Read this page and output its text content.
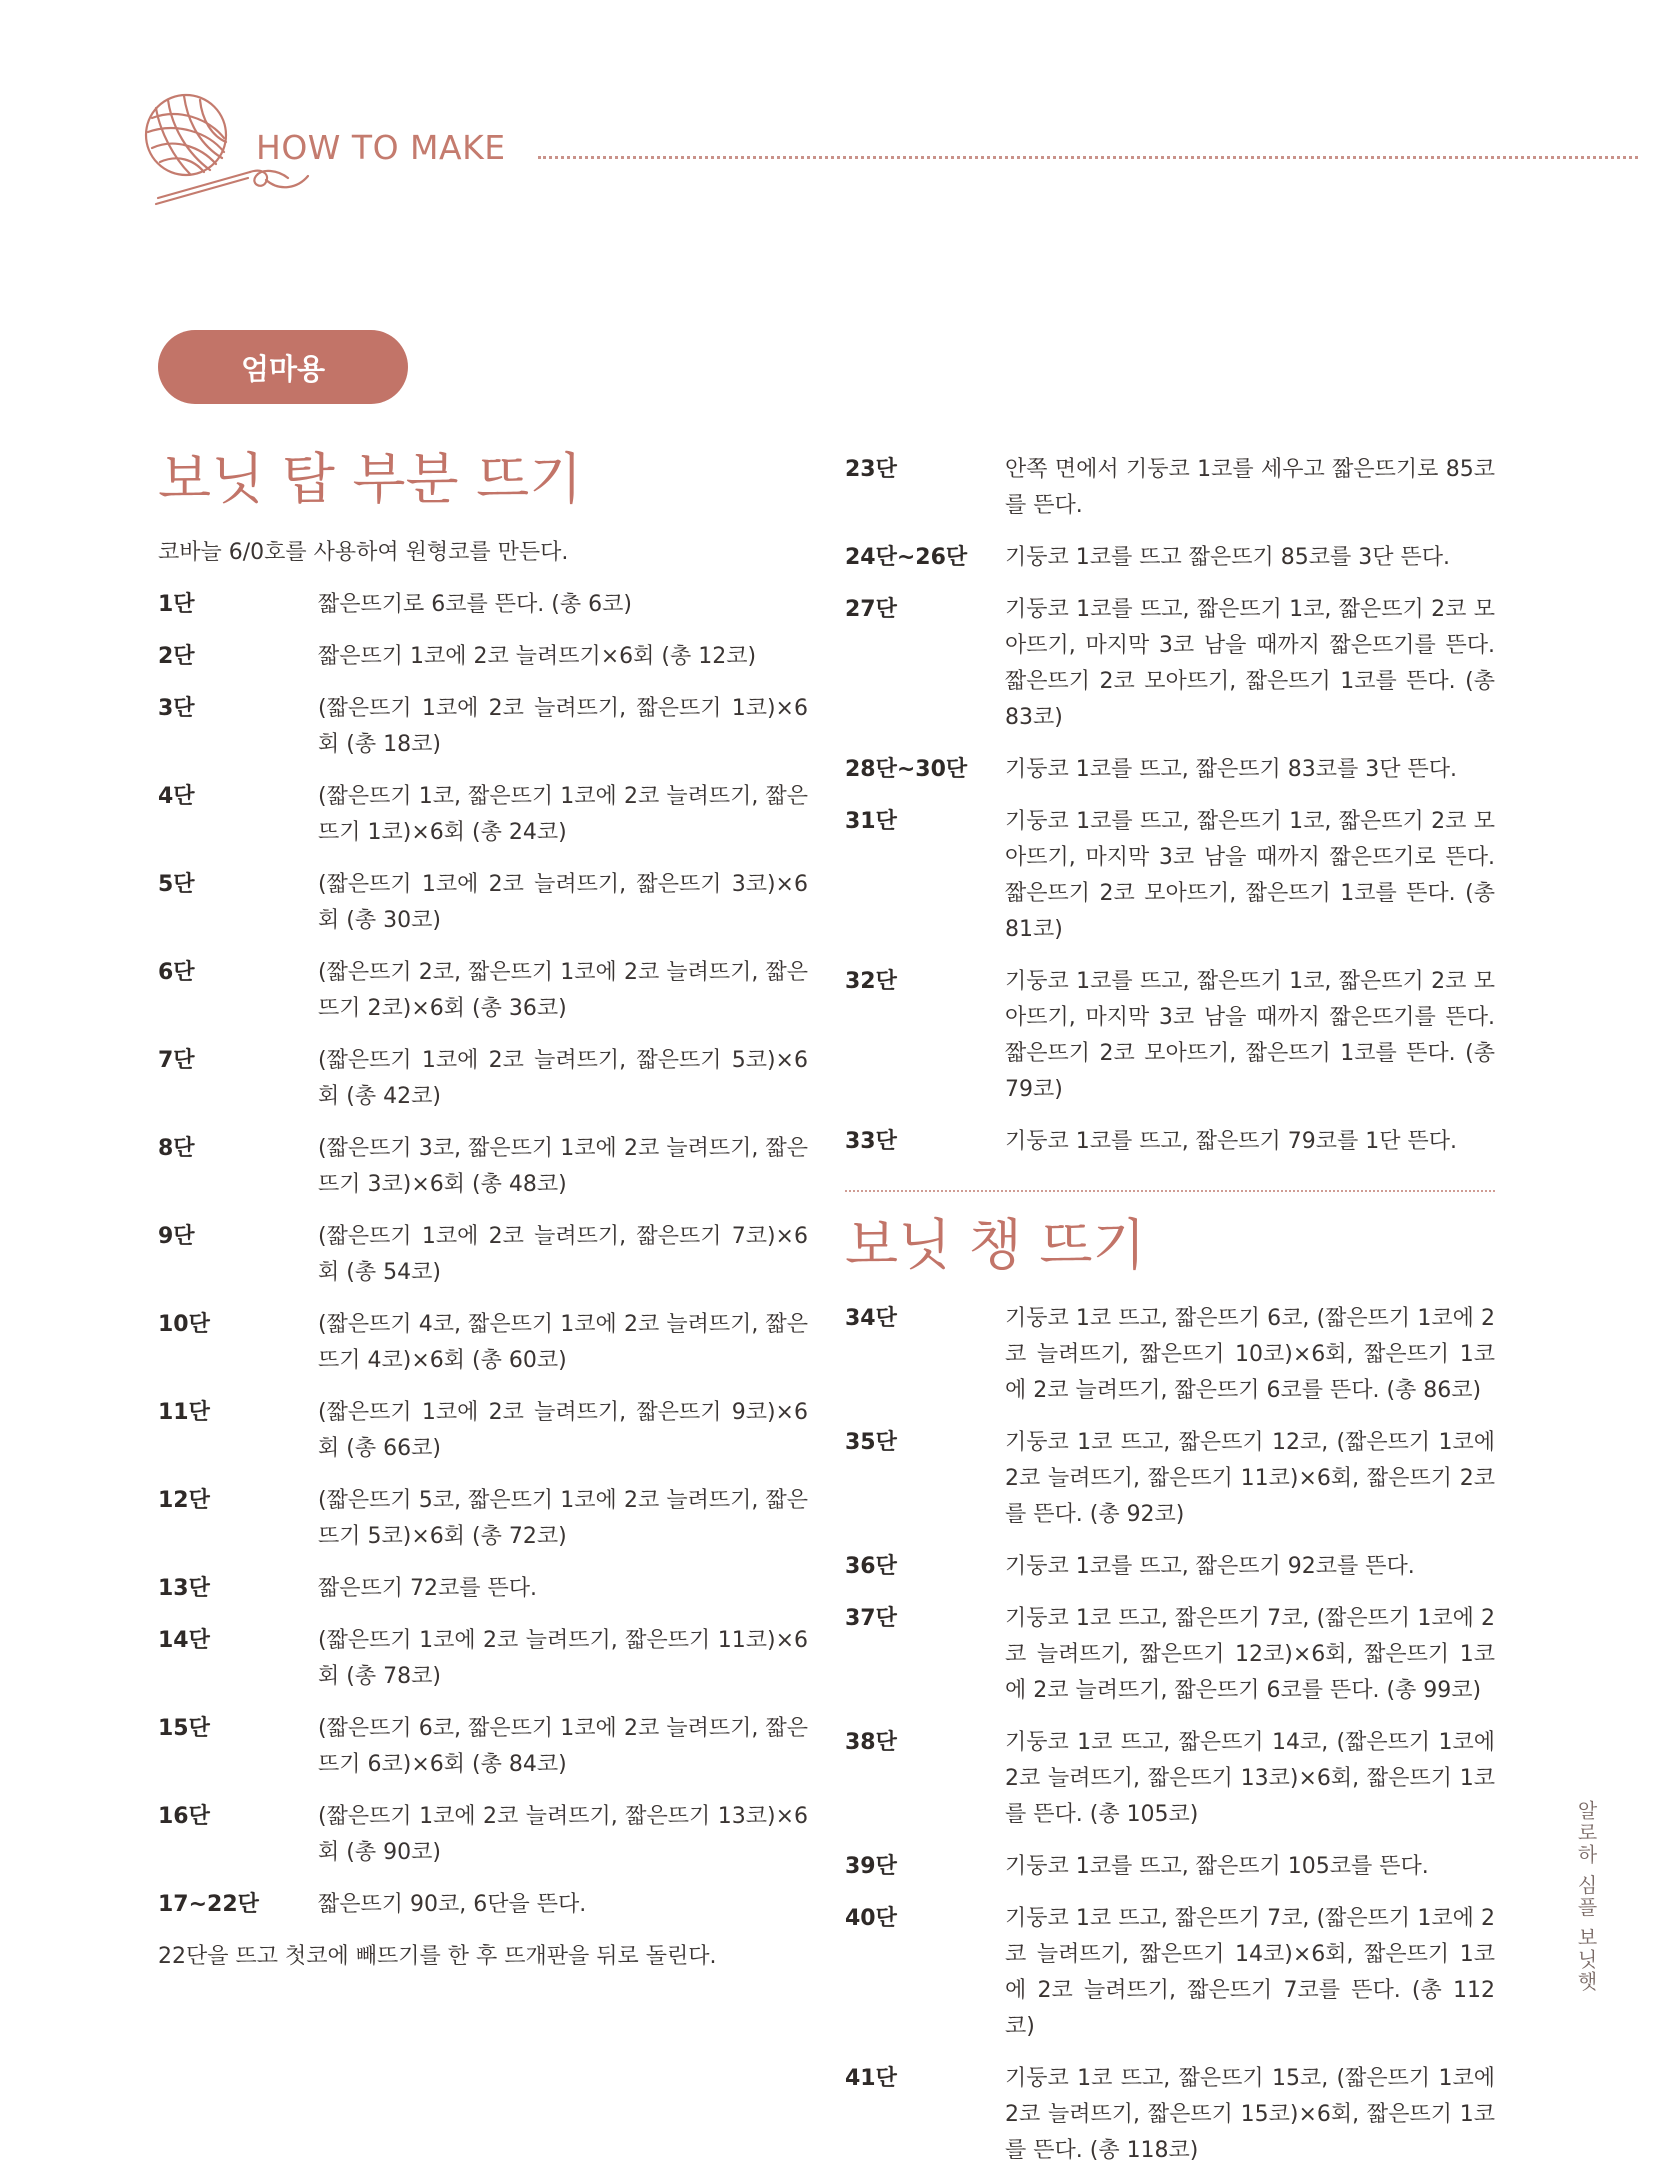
HOW TO MAKE
엄마용
보닛 탑 부분 뜨기

코바늘 6/0호를 사용하여 원형코를 만든다.

1단	짧은뜨기로 6코를 뜬다. (총 6코)
2단	짧은뜨기 1코에 2코 늘려뜨기×6회 (총 12코)
3단	(짧은뜨기 1코에 2코 늘려뜨기, 짧은뜨기 1코)×6회 (총 18코)
4단	(짧은뜨기 1코, 짧은뜨기 1코에 2코 늘려뜨기, 짧은뜨기 1코)×6회 (총 24코)
5단	(짧은뜨기 1코에 2코 늘려뜨기, 짧은뜨기 3코)×6회 (총 30코)
6단	(짧은뜨기 2코, 짧은뜨기 1코에 2코 늘려뜨기, 짧은뜨기 2코)×6회 (총 36코)
7단	(짧은뜨기 1코에 2코 늘려뜨기, 짧은뜨기 5코)×6회 (총 42코)
8단	(짧은뜨기 3코, 짧은뜨기 1코에 2코 늘려뜨기, 짧은뜨기 3코)×6회 (총 48코)
9단	(짧은뜨기 1코에 2코 늘려뜨기, 짧은뜨기 7코)×6회 (총 54코)
10단	(짧은뜨기 4코, 짧은뜨기 1코에 2코 늘려뜨기, 짧은뜨기 4코)×6회 (총 60코)
11단	(짧은뜨기 1코에 2코 늘려뜨기, 짧은뜨기 9코)×6회 (총 66코)
12단	(짧은뜨기 5코, 짧은뜨기 1코에 2코 늘려뜨기, 짧은뜨기 5코)×6회 (총 72코)
13단	짧은뜨기 72코를 뜬다.
14단	(짧은뜨기 1코에 2코 늘려뜨기, 짧은뜨기 11코)×6회 (총 78코)
15단	(짧은뜨기 6코, 짧은뜨기 1코에 2코 늘려뜨기, 짧은뜨기 6코)×6회 (총 84코)
16단	(짧은뜨기 1코에 2코 늘려뜨기, 짧은뜨기 13코)×6회 (총 90코)
17~22단	짧은뜨기 90코, 6단을 뜬다.

22단을 뜨고 첫코에 빼뜨기를 한 후 뜨개판을 뒤로 돌린다.

23단	안쪽 면에서 기둥코 1코를 세우고 짧은뜨기로 85코를 뜬다.
24단~26단	기둥코 1코를 뜨고 짧은뜨기 85코를 3단 뜬다.
27단	기둥코 1코를 뜨고, 짧은뜨기 1코, 짧은뜨기 2코 모아뜨기, 마지막 3코 남을 때까지 짧은뜨기를 뜬다. 짧은뜨기 2코 모아뜨기, 짧은뜨기 1코를 뜬다. (총 83코)
28단~30단	기둥코 1코를 뜨고, 짧은뜨기 83코를 3단 뜬다.
31단	기둥코 1코를 뜨고, 짧은뜨기 1코, 짧은뜨기 2코 모아뜨기, 마지막 3코 남을 때까지 짧은뜨기로 뜬다. 짧은뜨기 2코 모아뜨기, 짧은뜨기 1코를 뜬다. (총 81코)
32단	기둥코 1코를 뜨고, 짧은뜨기 1코, 짧은뜨기 2코 모아뜨기, 마지막 3코 남을 때까지 짧은뜨기를 뜬다. 짧은뜨기 2코 모아뜨기, 짧은뜨기 1코를 뜬다. (총 79코)
33단	기둥코 1코를 뜨고, 짧은뜨기 79코를 1단 뜬다.
보닛 챙 뜨기
34단	기둥코 1코 뜨고, 짧은뜨기 6코, (짧은뜨기 1코에 2코 늘려뜨기, 짧은뜨기 10코)×6회, 짧은뜨기 1코에 2코 늘려뜨기, 짧은뜨기 6코를 뜬다. (총 86코)
35단	기둥코 1코 뜨고, 짧은뜨기 12코, (짧은뜨기 1코에 2코 늘려뜨기, 짧은뜨기 11코)×6회, 짧은뜨기 2코를 뜬다. (총 92코)
36단	기둥코 1코를 뜨고, 짧은뜨기 92코를 뜬다.
37단	기둥코 1코 뜨고, 짧은뜨기 7코, (짧은뜨기 1코에 2코 늘려뜨기, 짧은뜨기 12코)×6회, 짧은뜨기 1코에 2코 늘려뜨기, 짧은뜨기 6코를 뜬다. (총 99코)
38단	기둥코 1코 뜨고, 짧은뜨기 14코, (짧은뜨기 1코에 2코 늘려뜨기, 짧은뜨기 13코)×6회, 짧은뜨기 1코를 뜬다. (총 105코)
39단	기둥코 1코를 뜨고, 짧은뜨기 105코를 뜬다.
40단	기둥코 1코 뜨고, 짧은뜨기 7코, (짧은뜨기 1코에 2코 늘려뜨기, 짧은뜨기 14코)×6회, 짧은뜨기 1코에 2코 늘려뜨기, 짧은뜨기 7코를 뜬다. (총 112코)
41단	기둥코 1코 뜨고, 짧은뜨기 15코, (짧은뜨기 1코에 2코 늘려뜨기, 짧은뜨기 15코)×6회, 짧은뜨기 1코를 뜬다. (총 118코)
알로하 심플 보닛햇
